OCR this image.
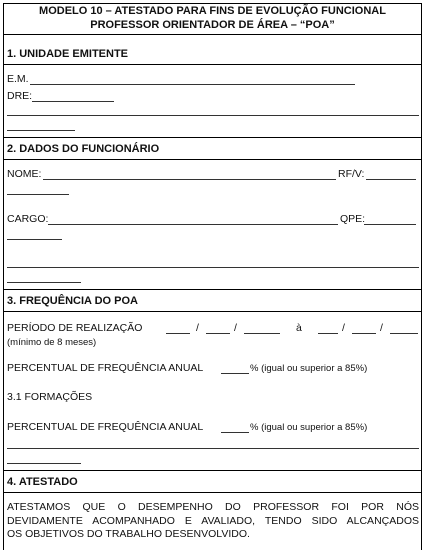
MODELO 10 – ATESTADO PARA FINS DE EVOLUÇÃO FUNCIONAL
PROFESSOR ORIENTADOR DE ÁREA – “POA”
1. UNIDADE EMITENTE
E.M.
DRE:
2. DADOS DO FUNCIONÁRIO
NOME:	RF/V:
CARGO:	QPE:
3. FREQUÊNCIA DO POA
PERÍODO DE REALIZAÇÃO	/	/	à	/	/
(mínimo de 8 meses)
PERCENTUAL DE FREQUÊNCIA ANUAL	% (igual ou superior a 85%)
3.1 FORMAÇÕES
PERCENTUAL DE FREQUÊNCIA ANUAL	% (igual ou superior a 85%)
4. ATESTADO
ATESTAMOS QUE O DESEMPENHO DO PROFESSOR FOI POR NÓS
DEVIDAMENTE ACOMPANHADO E AVALIADO, TENDO SIDO ALCANÇADOS
OS OBJETIVOS DO TRABALHO DESENVOLVIDO.
